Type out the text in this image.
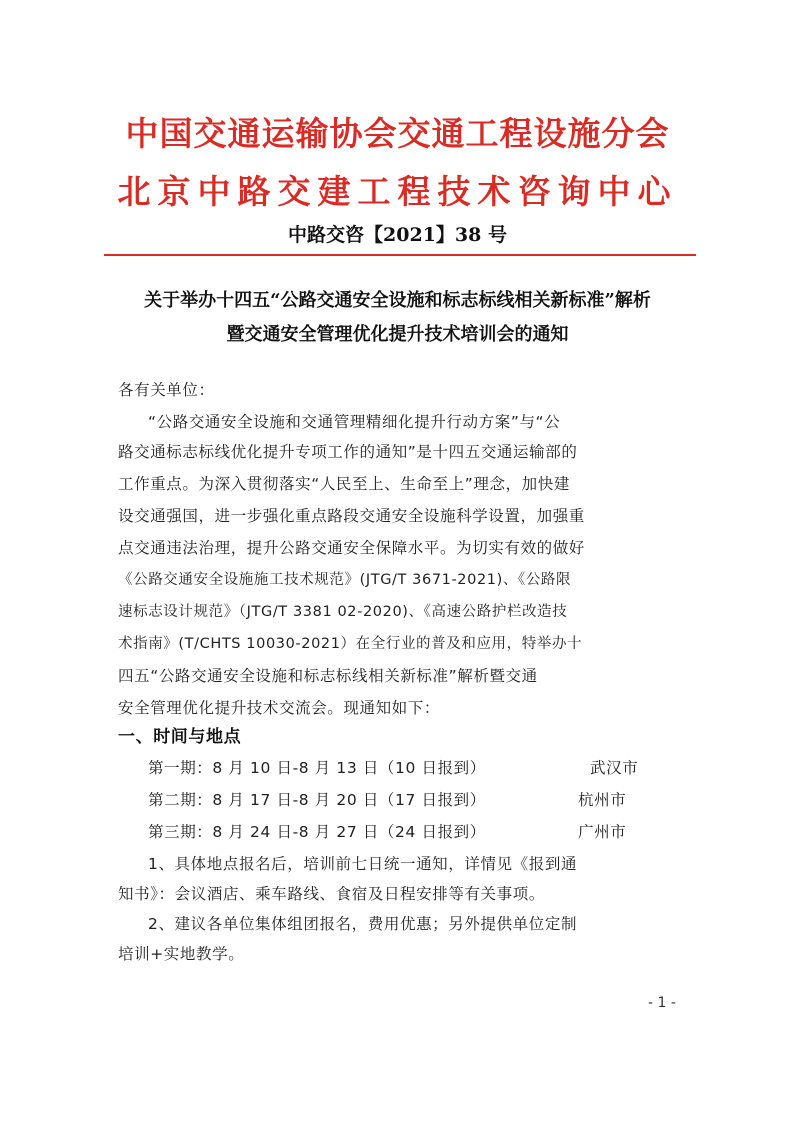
中国交通运输协会交通工程设施分会
北京中路交建工程技术咨询中心
中路交咨【2021】38 号
关于举办十四五“公路交通安全设施和标志标线相关新标准”解析
暨交通安全管理优化提升技术培训会的通知
各有关单位：
“公路交通安全设施和交通管理精细化提升行动方案”与“公
路交通标志标线优化提升专项工作的通知”是十四五交通运输部的
工作重点。为深入贯彻落实“人民至上、生命至上”理念，加快建
设交通强国，进一步强化重点路段交通安全设施科学设置，加强重
点交通违法治理，提升公路交通安全保障水平。为切实有效的做好
《公路交通安全设施施工技术规范》(JTG/T 3671-2021)、《公路限
速标志设计规范》（JTG/T 3381 02-2020)、《高速公路护栏改造技
术指南》(T/CHTS 10030-2021）在全行业的普及和应用，特举办十
四五“公路交通安全设施和标志标线相关新标准”解析暨交通
安全管理优化提升技术交流会。现通知如下：
一、时间与地点
第一期：8 月 10 日-8 月 13 日（10 日报到）	武汉市
第二期：8 月 17 日-8 月 20 日（17 日报到）	杭州市
第三期：8 月 24 日-8 月 27 日（24 日报到）	广州市
1、具体地点报名后，培训前七日统一通知，详情见《报到通
知书》：会议酒店、乘车路线、食宿及日程安排等有关事项。
2、建议各单位集体组团报名，费用优惠；另外提供单位定制
培训+实地教学。
- 1 -
